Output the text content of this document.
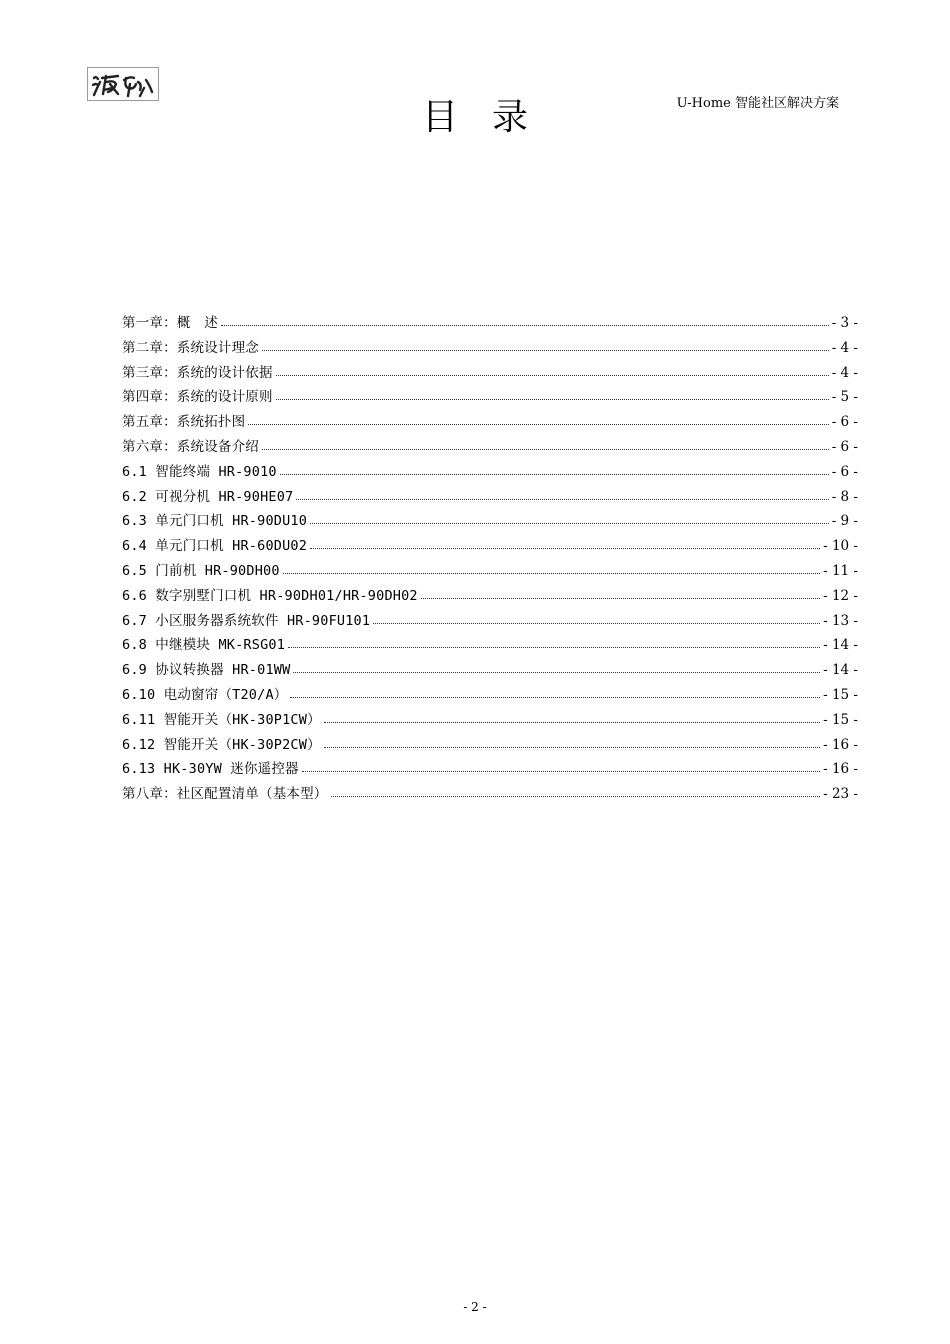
U-Home 智能社区解决方案
目录
第一章：概　述	- 3 -
第二章：系统设计理念	- 4 -
第三章：系统的设计依据	- 4 -
第四章：系统的设计原则	- 5 -
第五章：系统拓扑图	- 6 -
第六章：系统设备介绍	- 6 -
6.1 智能终端 HR-9010	- 6 -
6.2 可视分机 HR-90HE07	- 8 -
6.3 单元门口机 HR-90DU10	- 9 -
6.4 单元门口机 HR-60DU02	- 10 -
6.5 门前机 HR-90DH00	- 11 -
6.6 数字别墅门口机 HR-90DH01/HR-90DH02	- 12 -
6.7 小区服务器系统软件 HR-90FU101	- 13 -
6.8 中继模块 MK-RSG01	- 14 -
6.9 协议转换器 HR-01WW	- 14 -
6.10 电动窗帘（T20/A）	- 15 -
6.11 智能开关（HK-30P1CW）	- 15 -
6.12 智能开关（HK-30P2CW）	- 16 -
6.13 HK-30YW 迷你遥控器	- 16 -
第八章：社区配置清单（基本型）	- 23 -
- 2 -
